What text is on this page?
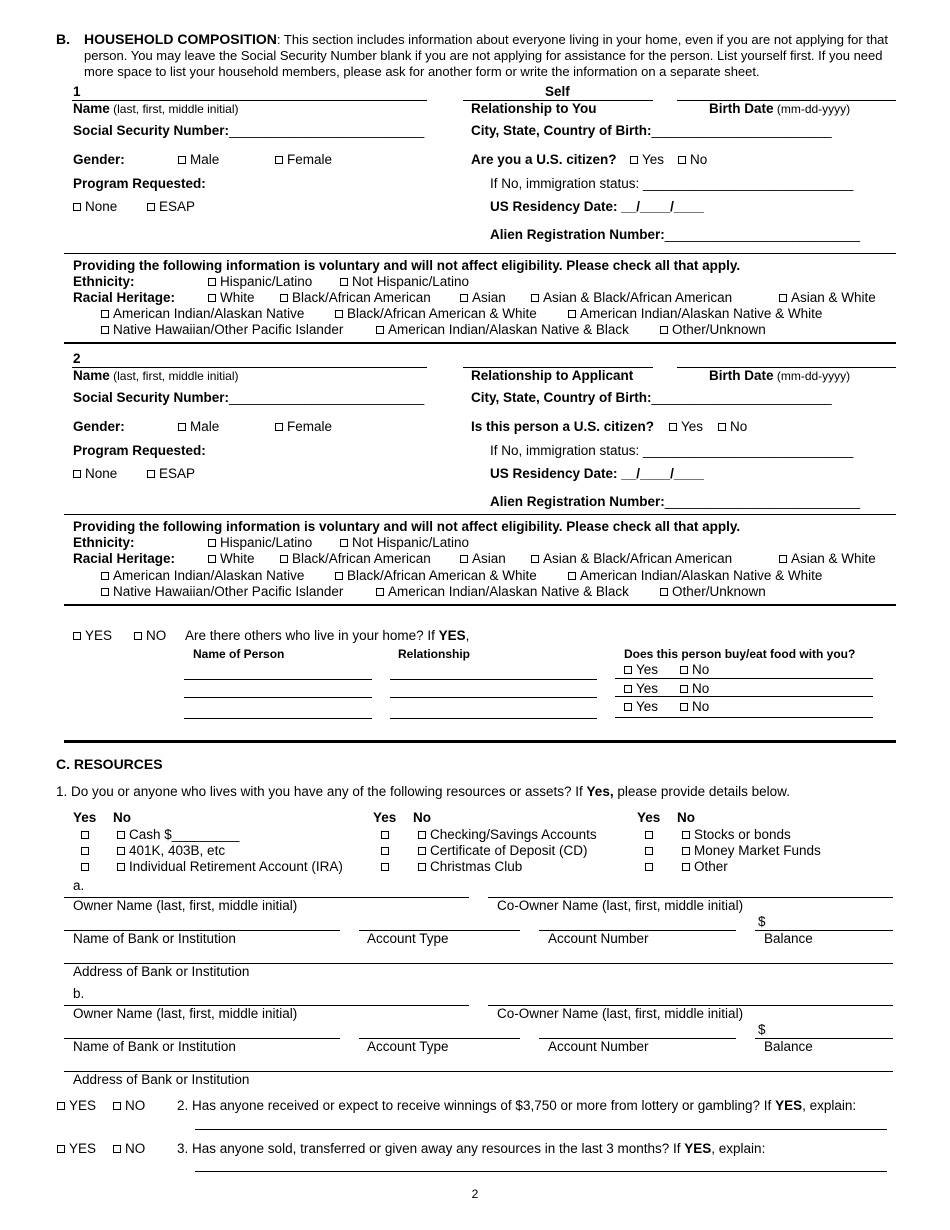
B. HOUSEHOLD COMPOSITION: This section includes information about everyone living in your home, even if you are not applying for that person. You may leave the Social Security Number blank if you are not applying for assistance for the person. List yourself first. If you need more space to list your household members, please ask for another form or write the information on a separate sheet.
1	Self
Name (last, first, middle initial)	Relationship to You	Birth Date (mm-dd-yyyy)
Social Security Number:__________________________	City, State, Country of Birth:________________________
Gender:	Male	Female	Are you a U.S. citizen?	Yes	No
Program Requested:	If No, immigration status: ____________________________
None	ESAP	US Residency Date: __/____/____
Alien Registration Number:__________________________
Providing the following information is voluntary and will not affect eligibility. Please check all that apply.
Ethnicity:	Hispanic/Latino	Not Hispanic/Latino
Racial Heritage:	White	Black/African American	Asian	Asian & Black/African American	Asian & White
American Indian/Alaskan Native	Black/African American & White	American Indian/Alaskan Native & White
Native Hawaiian/Other Pacific Islander	American Indian/Alaskan Native & Black	Other/Unknown
2
Name (last, first, middle initial)	Relationship to Applicant	Birth Date (mm-dd-yyyy)
Social Security Number:__________________________	City, State, Country of Birth:________________________
Gender:	Male	Female	Is this person a U.S. citizen?	Yes	No
Program Requested:	If No, immigration status: ____________________________
None	ESAP	US Residency Date: __/____/____
Alien Registration Number:__________________________
Providing the following information is voluntary and will not affect eligibility. Please check all that apply.
Ethnicity:	Hispanic/Latino	Not Hispanic/Latino
Racial Heritage:	White	Black/African American	Asian	Asian & Black/African American	Asian & White
American Indian/Alaskan Native	Black/African American & White	American Indian/Alaskan Native & White
Native Hawaiian/Other Pacific Islander	American Indian/Alaskan Native & Black	Other/Unknown
YES	NO Are there others who live in your home? If YES,
Name of Person	Relationship	Does this person buy/eat food with you?
Yes	No
Yes	No
Yes	No
C. RESOURCES
1. Do you or anyone who lives with you have any of the following resources or assets? If Yes, please provide details below.
Yes No
Cash $_________
401K, 403B, etc
Individual Retirement Account (IRA)
Yes No
Checking/Savings Accounts
Certificate of Deposit (CD)
Christmas Club
Yes No
Stocks or bonds
Money Market Funds
Other
a.
Owner Name (last, first, middle initial)	Co-Owner Name (last, first, middle initial)
$
Name of Bank or Institution	Account Type	Account Number	Balance
Address of Bank or Institution
b.
Owner Name (last, first, middle initial)	Co-Owner Name (last, first, middle initial)
$
Name of Bank or Institution	Account Type	Account Number	Balance
Address of Bank or Institution
YES	NO 2. Has anyone received or expect to receive winnings of $3,750 or more from lottery or gambling? If YES, explain:
YES	NO 3. Has anyone sold, transferred or given away any resources in the last 3 months? If YES, explain:
2
